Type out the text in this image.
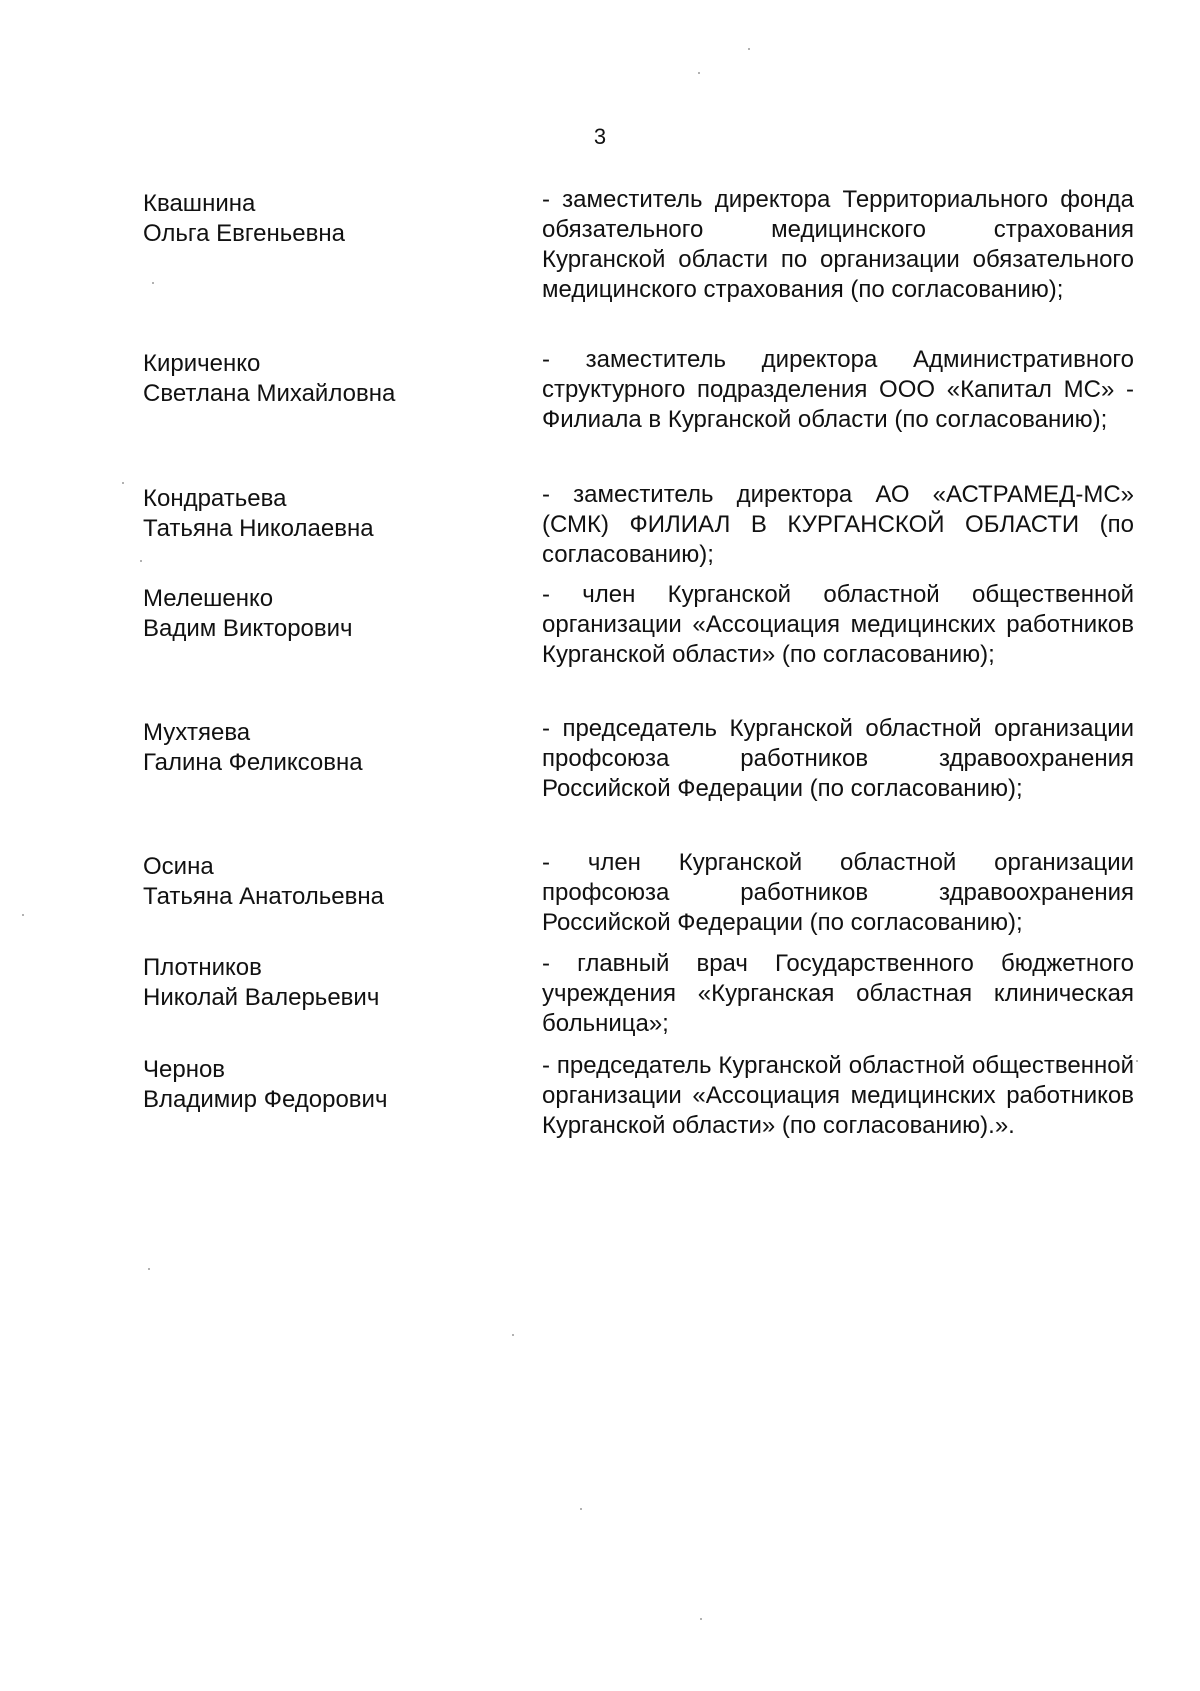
3
Квашнина
Ольга Евгеньевна
- заместитель директора Территориального фонда обязательного медицинского страхования Курганской области по организации обязательного медицинского страхования (по согласованию);
Кириченко
Светлана Михайловна
- заместитель директора Административного структурного подразделения ООО «Капитал МС» - Филиала в Курганской области (по согласованию);
Кондратьева
Татьяна Николаевна
- заместитель директора АО «АСТРАМЕД-МС» (СМК) ФИЛИАЛ В КУРГАНСКОЙ ОБЛАСТИ (по согласованию);
Мелешенко
Вадим Викторович
- член Курганской областной общественной организации «Ассоциация медицинских работников Курганской области» (по согласованию);
Мухтяева
Галина Феликсовна
- председатель Курганской областной организации профсоюза работников здравоохранения Российской Федерации (по согласованию);
Осина
Татьяна Анатольевна
- член Курганской областной организации профсоюза работников здравоохранения Российской Федерации (по согласованию);
Плотников
Николай Валерьевич
- главный врач Государственного бюджетного учреждения «Курганская областная клиническая больница»;
Чернов
Владимир Федорович
- председатель Курганской областной общественной организации «Ассоциация медицинских работников Курганской области» (по согласованию).».
